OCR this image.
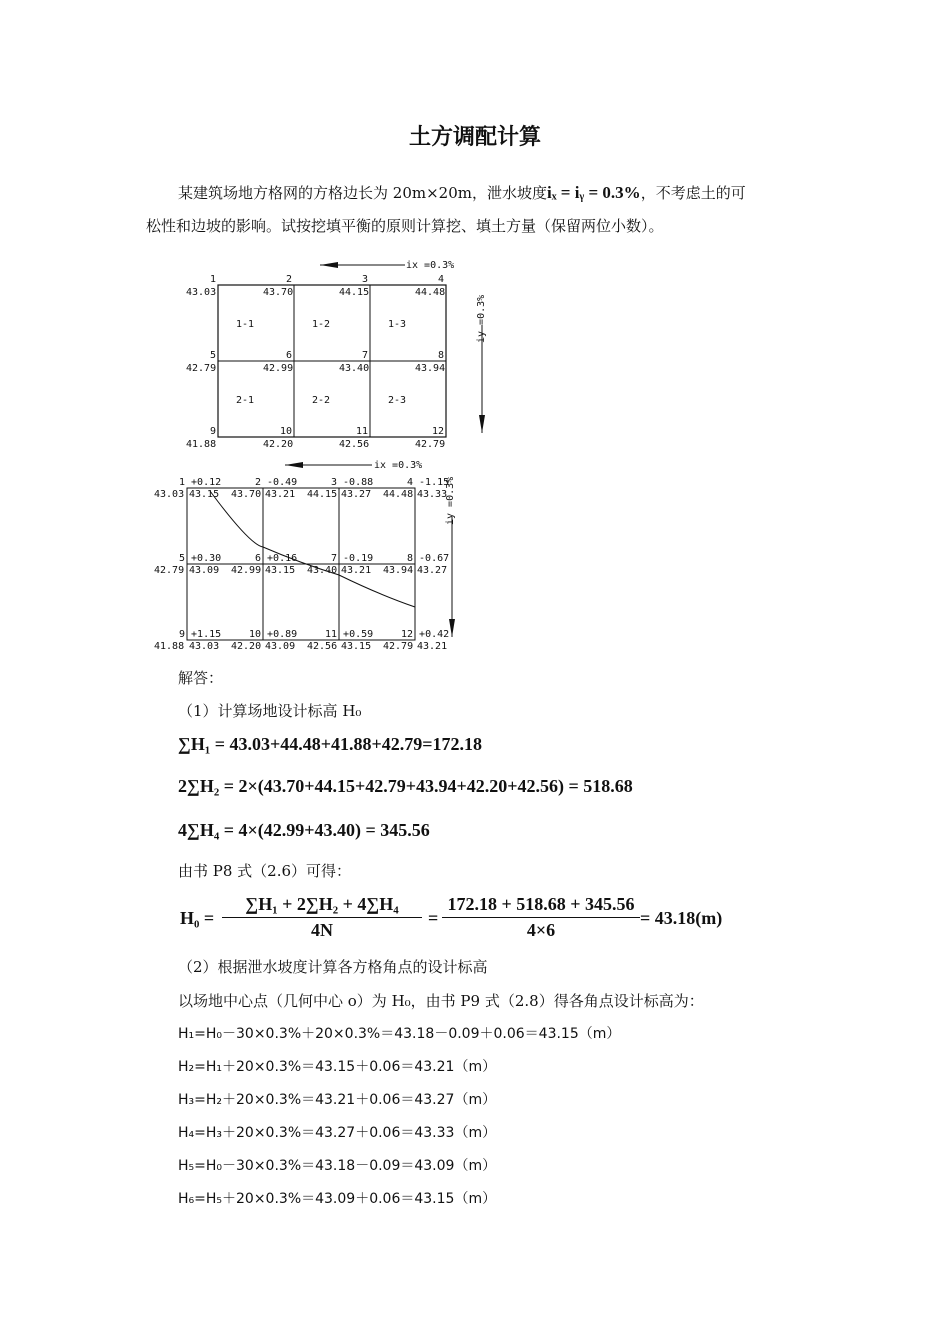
土方调配计算
某建筑场地方格网的方格边长为 20m×20m，泄水坡度iₓ = iᵧ = 0.3%，不考虑土的可
松性和边坡的影响。试按挖填平衡的原则计算挖、填土方量（保留两位小数）。
ix =0.3%
iy =0.3%
1	2	3	4
5	6	7	8
9	10	11	12
43.03	43.70	44.15	44.48
42.79	42.99	43.40	43.94
41.88	42.20	42.56	42.79
1-1	1-2	1-3
2-1	2-2	2-3
ix =0.3%
iy =0.3%
1 +0.12	2 -0.49	3 -0.88	4 -1.15
5 +0.30	6 +0.16	7 -0.19	8 -0.67
9 +1.15	10 +0.89	11 +0.59	12 +0.42
43.03	43.70	44.15	44.48
42.79	42.99	43.40	43.94
41.88	42.20	42.56	42.79
43.15	43.21	43.27	43.33
43.09	43.15	43.21	43.27
43.03	43.09	43.15	43.21
解答：
（1）计算场地设计标高 H₀
∑H₁ = 43.03+44.48+41.88+42.79=172.18
2∑H₂ = 2×(43.70+44.15+42.79+43.94+42.20+42.56) = 518.68
4∑H₄ = 4×(42.99+43.40) = 345.56
由书 P8 式（2.6）可得：
H₀ =
∑H₁ + 2∑H₂ + 4∑H₄
4N
=
172.18 + 518.68 + 345.56
4×6
= 43.18(m)
（2）根据泄水坡度计算各方格角点的设计标高
以场地中心点（几何中心 o）为 H₀，由书 P9 式（2.8）得各角点设计标高为：
H₁=H₀－30×0.3%＋20×0.3%＝43.18－0.09＋0.06＝43.15（m）
H₂=H₁＋20×0.3%＝43.15＋0.06＝43.21（m）
H₃=H₂＋20×0.3%＝43.21＋0.06＝43.27（m）
H₄=H₃＋20×0.3%＝43.27＋0.06＝43.33（m）
H₅=H₀－30×0.3%＝43.18－0.09＝43.09（m）
H₆=H₅＋20×0.3%＝43.09＋0.06＝43.15（m）
